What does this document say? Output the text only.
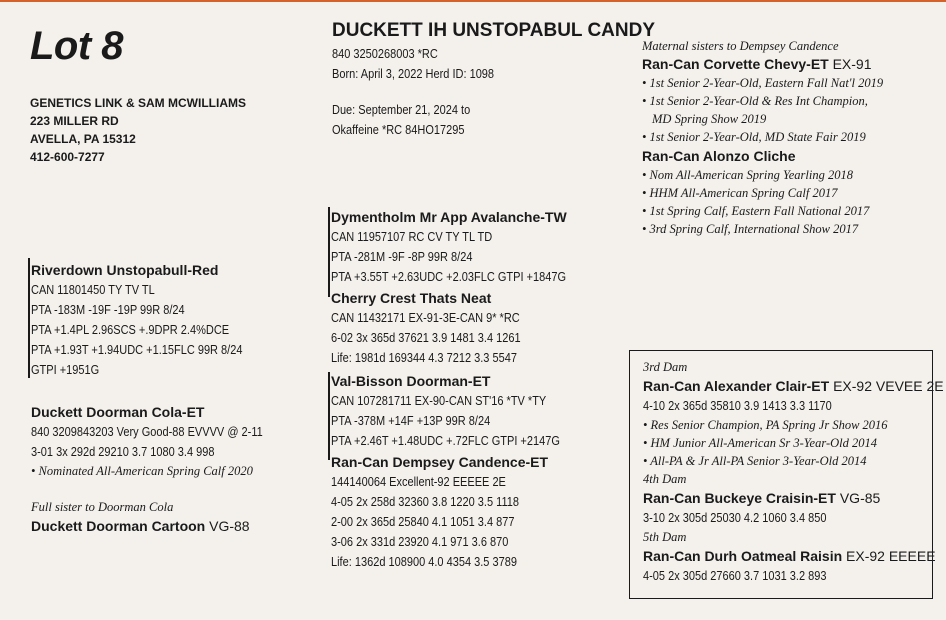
Lot 8
GENETICS LINK & SAM MCWILLIAMS
223 MILLER RD
AVELLA, PA 15312
412-600-7277
DUCKETT IH UNSTOPABUL CANDY
840 3250268003 *RC
Born: April 3, 2022 Herd ID: 1098
Due: September 21, 2024 to
Okaffeine *RC 84HO17295
Riverdown Unstopabull-Red
CAN 11801450 TY TV TL
PTA -183M -19F -19P 99R 8/24
PTA +1.4PL 2.96SCS +.9DPR 2.4%DCE
PTA +1.93T +1.94UDC +1.15FLC 99R 8/24
GTPI +1951G
Duckett Doorman Cola-ET
840 3209843203 Very Good-88 EVVVV @ 2-11
3-01 3x 292d 29210 3.7 1080 3.4 998
• Nominated All-American Spring Calf 2020
Full sister to Doorman Cola
Duckett Doorman Cartoon VG-88
Dymentholm Mr App Avalanche-TW
CAN 11957107 RC CV TY TL TD
PTA -281M -9F -8P 99R 8/24
PTA +3.55T +2.63UDC +2.03FLC GTPI +1847G
Cherry Crest Thats Neat
CAN 11432171 EX-91-3E-CAN 9* *RC
6-02 3x 365d 37621 3.9 1481 3.4 1261
Life: 1981d 169344 4.3 7212 3.3 5547
Val-Bisson Doorman-ET
CAN 107281711 EX-90-CAN ST'16 *TV *TY
PTA -378M +14F +13P 99R 8/24
PTA +2.46T +1.48UDC +.72FLC GTPI +2147G
Ran-Can Dempsey Candence-ET
144140064 Excellent-92 EEEEE 2E
4-05 2x 258d 32360 3.8 1220 3.5 1118
2-00 2x 365d 25840 4.1 1051 3.4 877
3-06 2x 331d 23920 4.1 971 3.6 870
Life: 1362d 108900 4.0 4354 3.5 3789
Maternal sisters to Dempsey Candence
Ran-Can Corvette Chevy-ET EX-91
• 1st Senior 2-Year-Old, Eastern Fall Nat'l 2019
• 1st Senior 2-Year-Old & Res Int Champion,
MD Spring Show 2019
• 1st Senior 2-Year-Old, MD State Fair 2019
Ran-Can Alonzo Cliche
• Nom All-American Spring Yearling 2018
• HHM All-American Spring Calf 2017
• 1st Spring Calf, Eastern Fall National 2017
• 3rd Spring Calf, International Show 2017
3rd Dam
Ran-Can Alexander Clair-ET EX-92 VEVEE 2E
4-10 2x 365d 35810 3.9 1413 3.3 1170
• Res Senior Champion, PA Spring Jr Show 2016
• HM Junior All-American Sr 3-Year-Old 2014
• All-PA & Jr All-PA Senior 3-Year-Old 2014
4th Dam
Ran-Can Buckeye Craisin-ET VG-85
3-10 2x 305d 25030 4.2 1060 3.4 850
5th Dam
Ran-Can Durh Oatmeal Raisin EX-92 EEEEE
4-05 2x 305d 27660 3.7 1031 3.2 893
